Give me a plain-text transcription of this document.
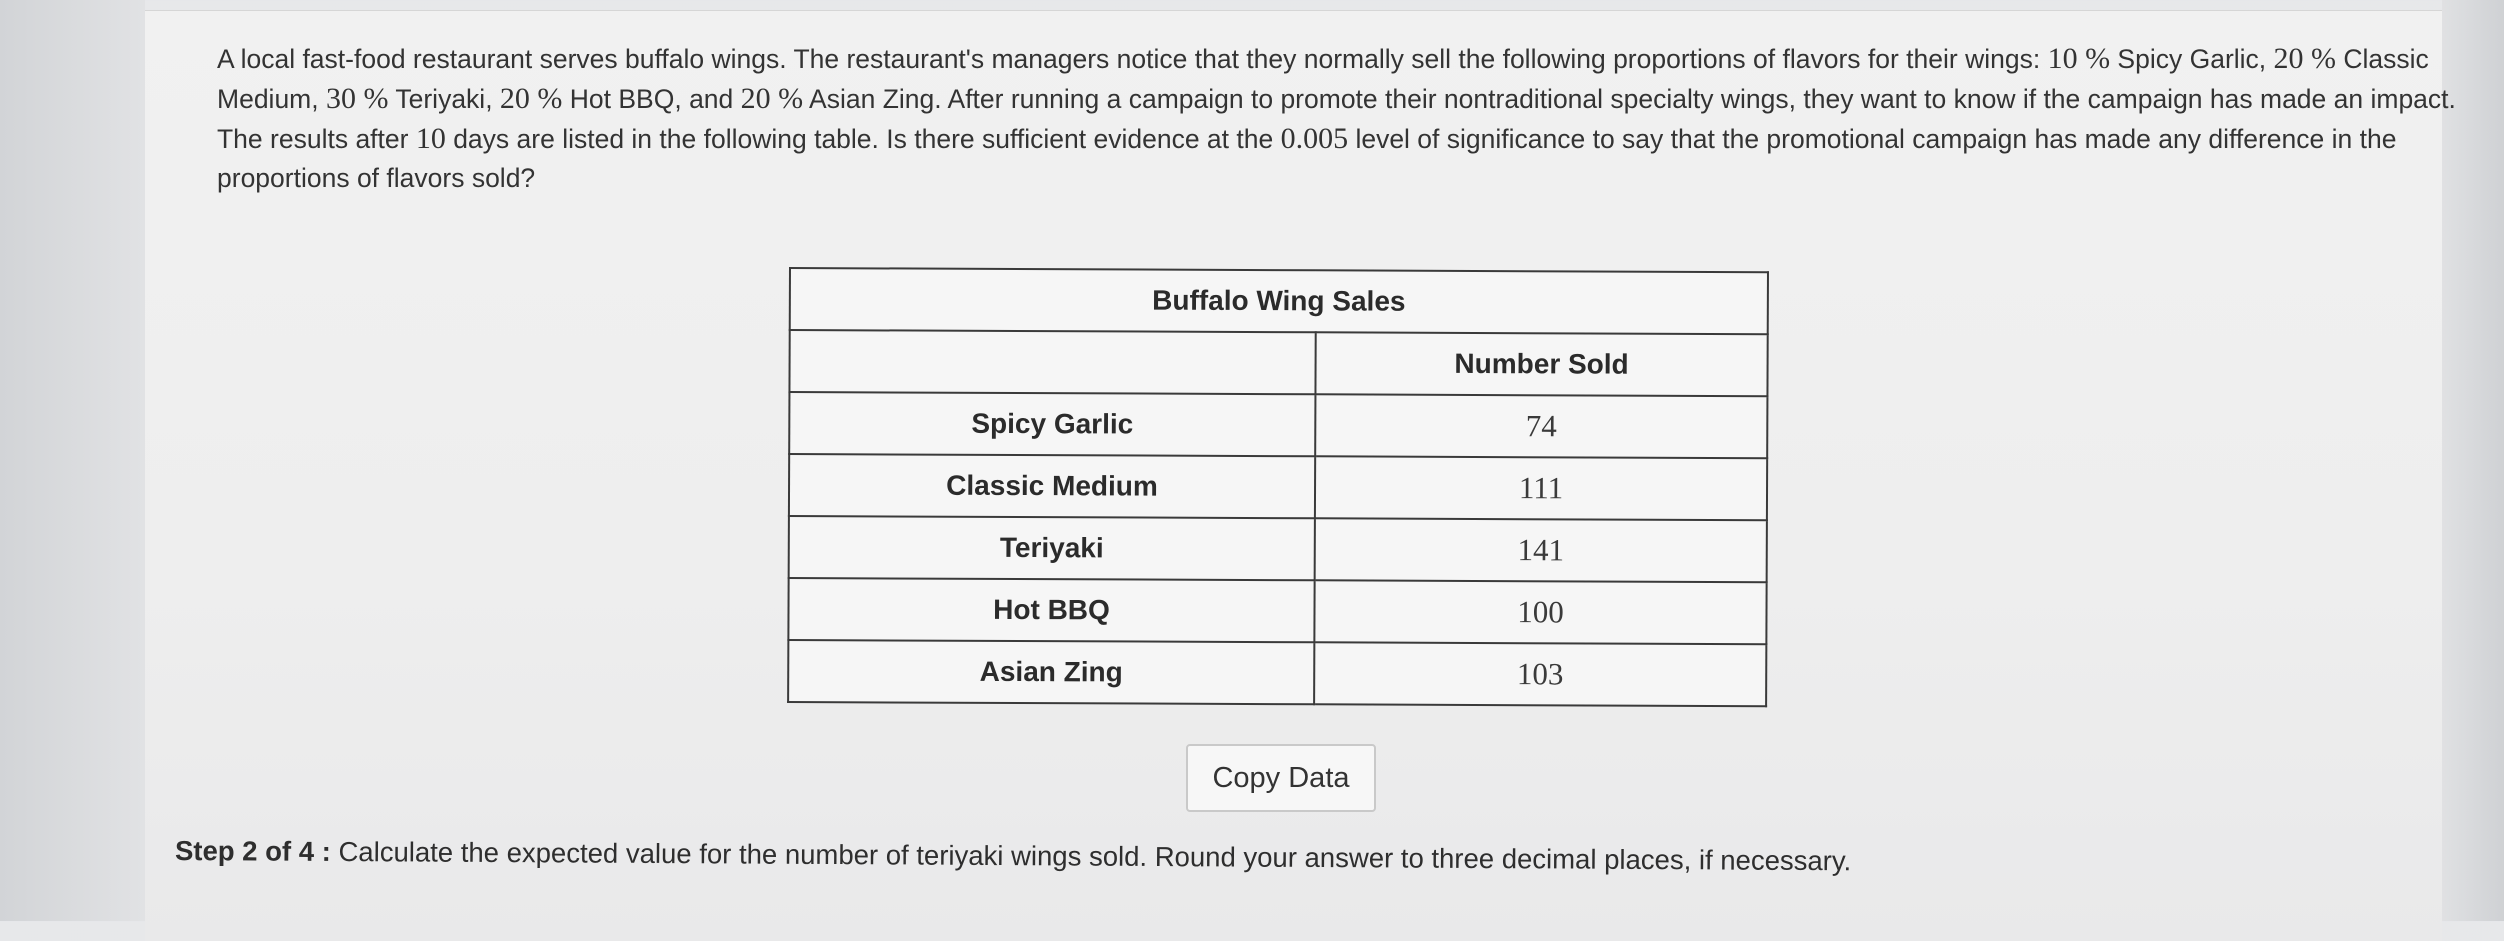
A local fast-food restaurant serves buffalo wings. The restaurant's managers notice that they normally sell the following proportions of flavors for their wings: 10 % Spicy Garlic, 20 % Classic Medium, 30 % Teriyaki, 20 % Hot BBQ, and 20 % Asian Zing. After running a campaign to promote their nontraditional specialty wings, they want to know if the campaign has made an impact. The results after 10 days are listed in the following table. Is there sufficient evidence at the 0.005 level of significance to say that the promotional campaign has made any difference in the proportions of flavors sold?
Buffalo Wing Sales	
	Number Sold
Spicy Garlic	74
Classic Medium	111
Teriyaki	141
Hot BBQ	100
Asian Zing	103
Copy Data
Step 2 of 4 : Calculate the expected value for the number of teriyaki wings sold. Round your answer to three decimal places, if necessary.
